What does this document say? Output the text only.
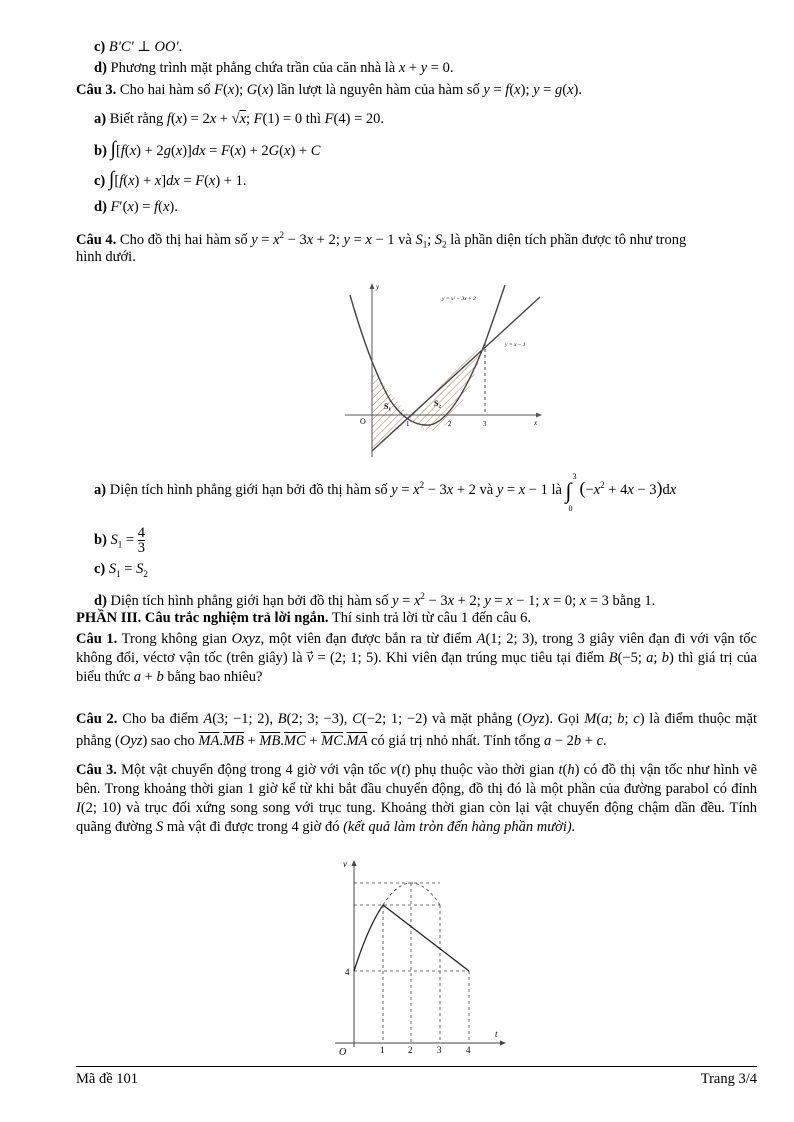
c) B'C' ⊥ OO'.
d) Phương trình mặt phẳng chứa trần của căn nhà là x + y = 0.
Câu 3. Cho hai hàm số F(x); G(x) lần lượt là nguyên hàm của hàm số y = f(x); y = g(x).
a) Biết rằng f(x) = 2x + √x; F(1) = 0 thì F(4) = 20.
b) ∫[f(x) + 2g(x)]dx = F(x) + 2G(x) + C
c) ∫[f(x) + x]dx = F(x) + 1.
d) F′(x) = f(x).
Câu 4. Cho đồ thị hai hàm số $y = x^2 - 3x + 2$; y = x − 1 và $S_1$; $S_2$ là phần diện tích phần được tô như trong
hình dưới.
y
x
O	1	2	3
y = x² − 3x + 2
y = x − 1
S₁	S₂
a) Diện tích hình phẳng giới hạn bởi đồ thị hàm số $y = x^2 - 3x + 2$ và y = x − 1 là ∫
3
0
$(-x^2 + 4x - 3)dx$
b) $S_1 = \frac{4}{3}$
c) $S_1 = S_2$
d) Diện tích hình phẳng giới hạn bởi đồ thị hàm số $y = x^2 - 3x + 2$; y = x − 1; x = 0; x = 3 bằng 1.
PHẦN III. Câu trắc nghiệm trả lời ngắn. Thí sinh trả lời từ câu 1 đến câu 6.
Câu 1. Trong không gian Oxyz, một viên đạn được bắn ra từ điểm A(1; 2; 3), trong 3 giây viên đạn đi với vận tốc không đổi, véctơ vận tốc (trên giây) là v⃗ = (2; 1; 5). Khi viên đạn trúng mục tiêu tại điểm B(−5; a; b) thì giá trị của biểu thức a + b bằng bao nhiêu?
Câu 2. Cho ba điểm A(3; −1; 2), B(2; 3; −3), C(−2; 1; −2) và mặt phẳng (Oyz). Gọi M(a; b; c) là điểm thuộc mặt phẳng (Oyz) sao cho $\overline{MA}.\overline{MB} + \overline{MB}.\overline{MC} + \overline{MC}.\overline{MA}$ có giá trị nhỏ nhất. Tính tổng a − 2b + c.
Câu 3. Một vật chuyển động trong 4 giờ với vận tốc v(t) phụ thuộc vào thời gian t(h) có đồ thị vận tốc như hình vẽ bên. Trong khoảng thời gian 1 giờ kể từ khi bắt đầu chuyển động, đồ thị đó là một phần của đường parabol có đỉnh I(2; 10) và trục đối xứng song song với trục tung. Khoảng thời gian còn lại vật chuyển động chậm dần đều. Tính quãng đường S mà vật đi được trong 4 giờ đó (kết quả làm tròn đến hàng phần mười).
v
t
O	1	2	3	4
4
Mã đề 101	Trang 3/4
